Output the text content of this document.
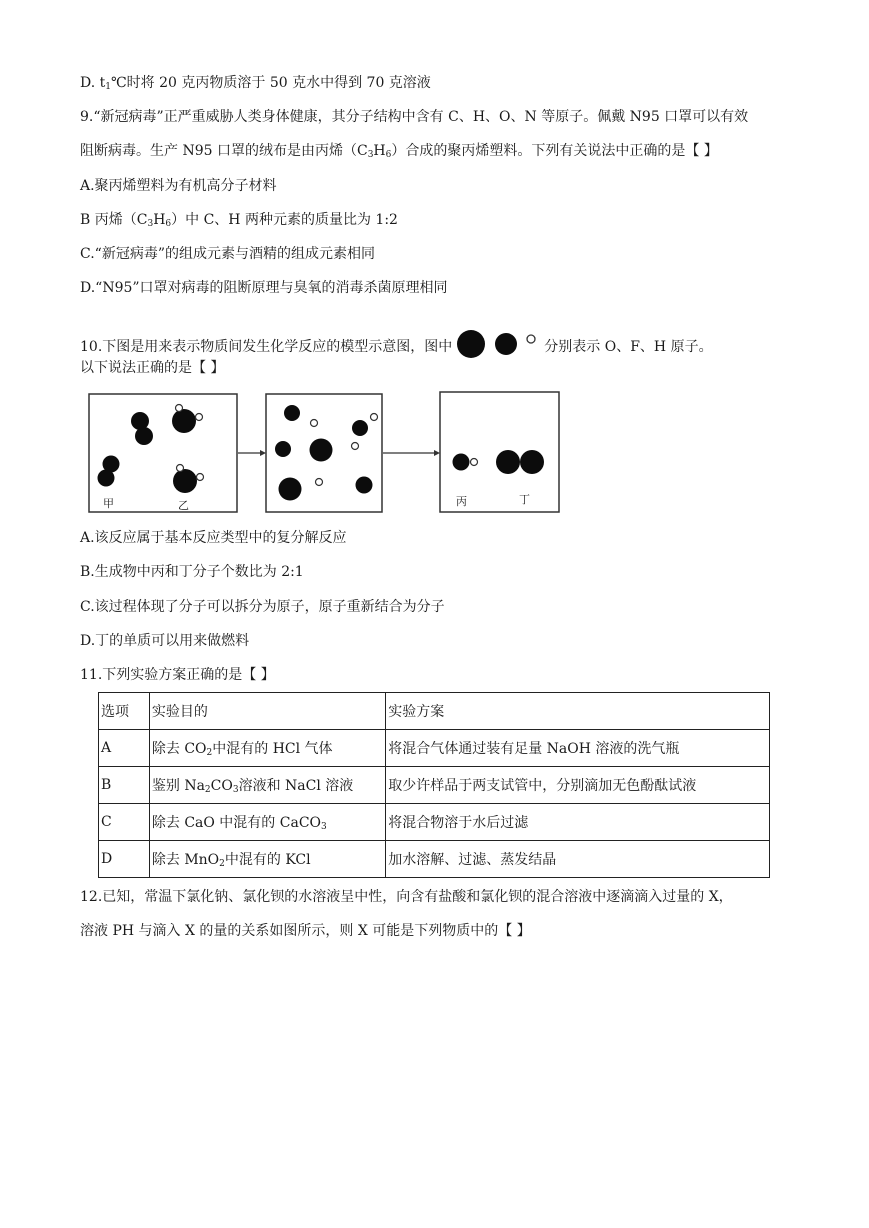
D. $t_1℃$时将 20 克丙物质溶于 50 克水中得到 70 克溶液
9.“新冠病毒”正严重威胁人类身体健康，其分子结构中含有 C、H、O、N 等原子。佩戴 N95 口罩可以有效
阻断病毒。生产 N95 口罩的绒布是由丙烯$(C_3H_6)$合成的聚丙烯塑料。下列有关说法中正确的是【 】
A.聚丙烯塑料为有机高分子材料
B 丙烯$(C_3H_6)$中 C、H 两种元素的质量比为 1:2
C.“新冠病毒”的组成元素与酒精的组成元素相同
D.“N95”口罩对病毒的阻断原理与臭氧的消毒杀菌原理相同
10.下图是用来表示物质间发生化学反应的模型示意图，图中	分别表示 O、F、H 原子。
以下说法正确的是【 】
甲	乙	丙	丁
A.该反应属于基本反应类型中的复分解反应
B.生成物中丙和丁分子个数比为 2:1
C.该过程体现了分子可以拆分为原子，原子重新结合为分子
D.丁的单质可以用来做燃料
11.下列实验方案正确的是【 】
选项	实验目的	实验方案
A	除去 $CO_2$中混有的 HCl 气体	将混合气体通过装有足量 NaOH 溶液的洗气瓶
B	鉴别 $Na_2CO_3$溶液和 NaCl 溶液	取少许样品于两支试管中，分别滴加无色酚酞试液
C	除去 CaO 中混有的 CaCO$_3$	将混合物溶于水后过滤
D	除去 MnO$_2$中混有的 KCl	加水溶解、过滤、蒸发结晶
12.已知，常温下氯化钠、氯化钡的水溶液呈中性，向含有盐酸和氯化钡的混合溶液中逐滴滴入过量的 X，
溶液 PH 与滴入 X 的量的关系如图所示，则 X 可能是下列物质中的【 】
